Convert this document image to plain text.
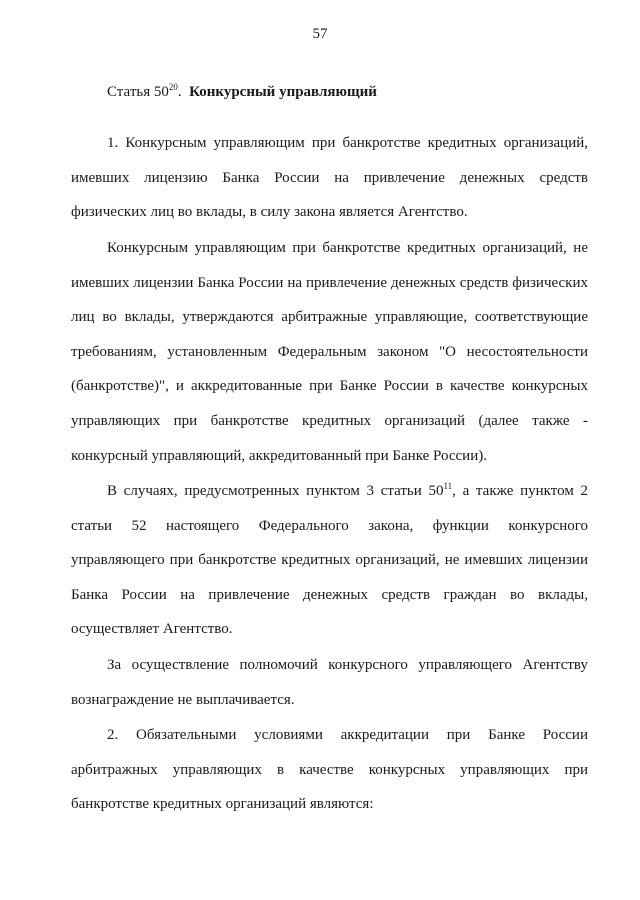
57
Статья $50^{20}$. Конкурсный управляющий

1. Конкурсным управляющим при банкротстве кредитных организаций, имевших лицензию Банка России на привлечение денежных средств физических лиц во вклады, в силу закона является Агентство.

Конкурсным управляющим при банкротстве кредитных организаций, не имевших лицензии Банка России на привлечение денежных средств физических лиц во вклады, утверждаются арбитражные управляющие, соответствующие требованиям, установленным Федеральным законом "О несостоятельности (банкротстве)", и аккредитованные при Банке России в качестве конкурсных управляющих при банкротстве кредитных организаций (далее также - конкурсный управляющий, аккредитованный при Банке России).

В случаях, предусмотренных пунктом 3 статьи $50^{11}$, а также пунктом 2 статьи 52 настоящего Федерального закона, функции конкурсного управляющего при банкротстве кредитных организаций, не имевших лицензии Банка России на привлечение денежных средств граждан во вклады, осуществляет Агентство.

За осуществление полномочий конкурсного управляющего Агентству вознаграждение не выплачивается.

2. Обязательными условиями аккредитации при Банке России арбитражных управляющих в качестве конкурсных управляющих при банкротстве кредитных организаций являются:
